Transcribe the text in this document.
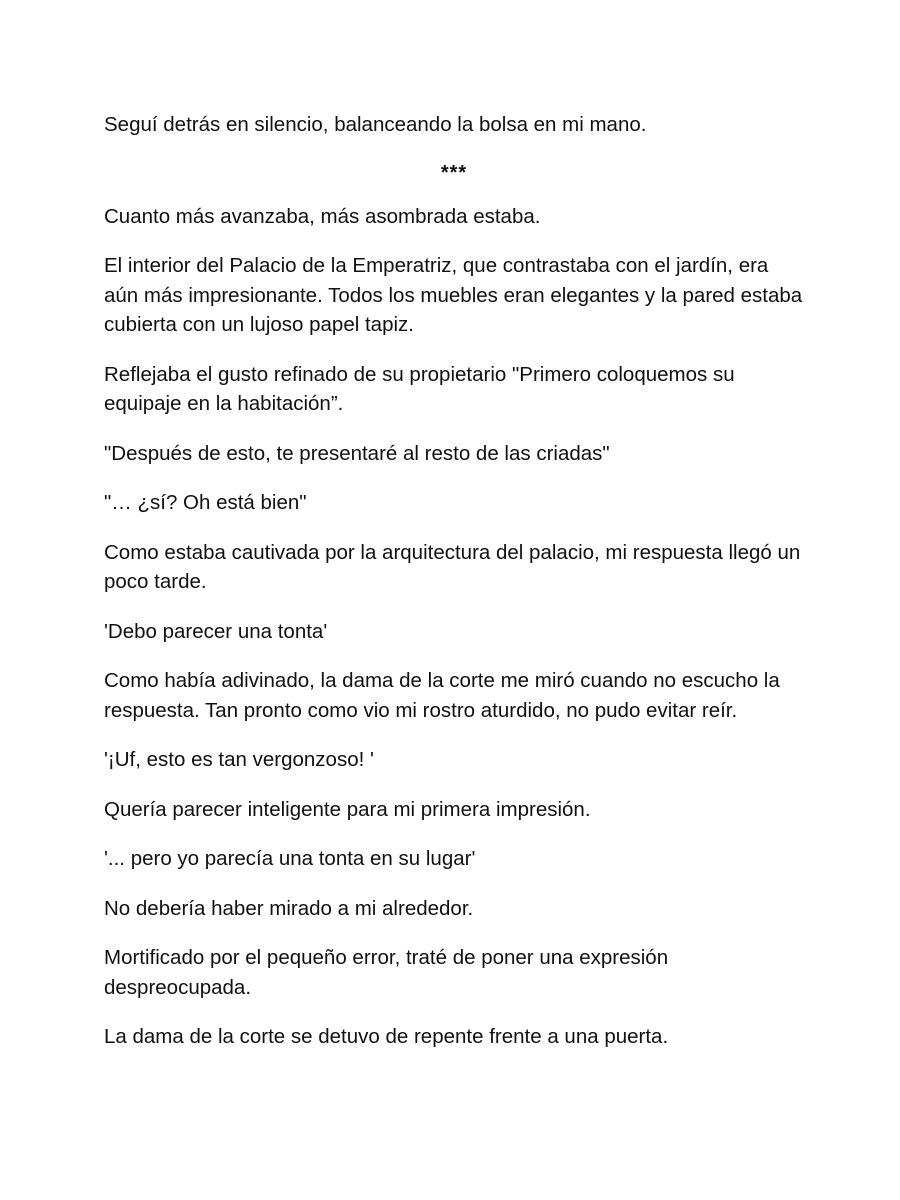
Seguí detrás en silencio, balanceando la bolsa en mi mano.

***

Cuanto más avanzaba, más asombrada estaba.

El interior del Palacio de la Emperatriz, que contrastaba con el jardín, era aún más impresionante. Todos los muebles eran elegantes y la pared estaba cubierta con un lujoso papel tapiz.

Reflejaba el gusto refinado de su propietario "Primero coloquemos su equipaje en la habitación”.

"Después de esto, te presentaré al resto de las criadas"

"… ¿sí? Oh está bien"

Como estaba cautivada por la arquitectura del palacio, mi respuesta llegó un poco tarde.

'Debo parecer una tonta'

Como había adivinado, la dama de la corte me miró cuando no escucho la respuesta. Tan pronto como vio mi rostro aturdido, no pudo evitar reír.

'¡Uf, esto es tan vergonzoso! '

Quería parecer inteligente para mi primera impresión.

'... pero yo parecía una tonta en su lugar'

No debería haber mirado a mi alrededor.

Mortificado por el pequeño error, traté de poner una expresión despreocupada.

La dama de la corte se detuvo de repente frente a una puerta.
